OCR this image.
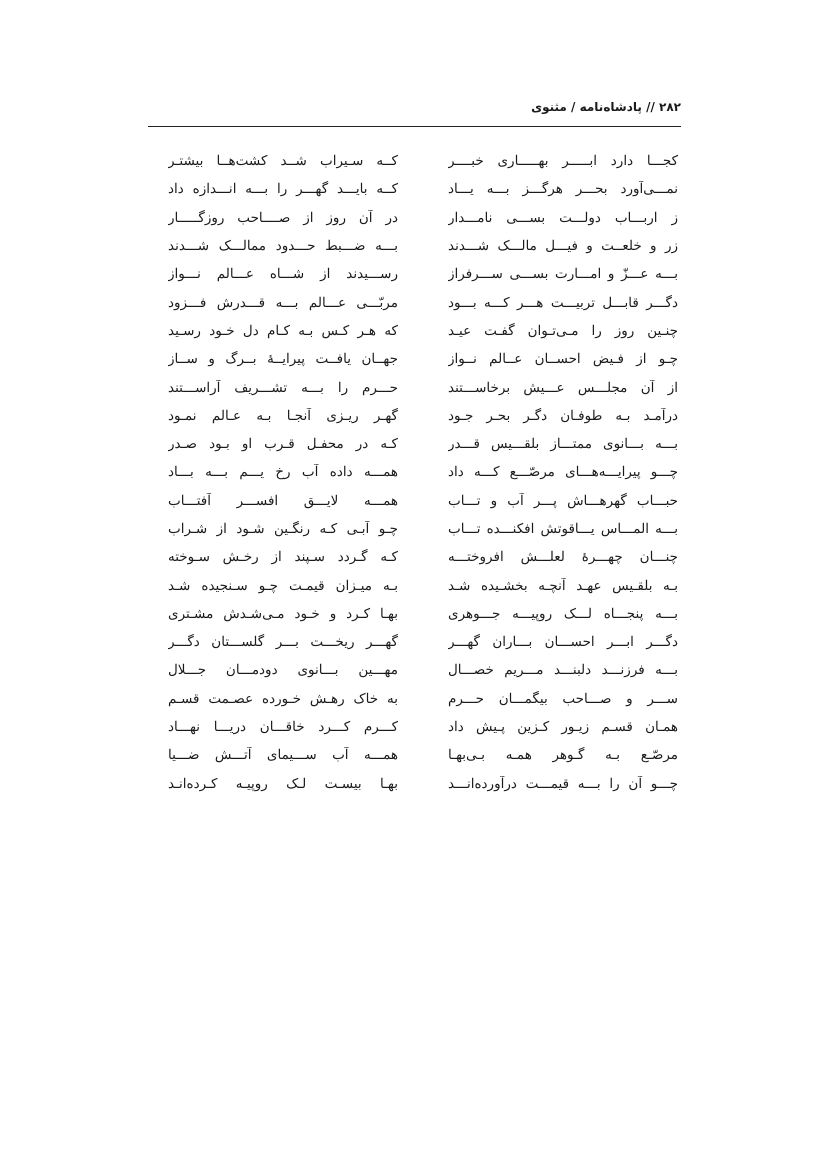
۲۸۲ // پادشاه‌نامه / مثنوی
کجـــا دارد ابـــــر بهـــــاری خبــــر
کــه سـیراب شــد کشت‌هــا بیشتـر
نمـــی‌آورد بحـــر هرگـــز بـــه یـــاد
کــه بایـــد گهـــر را بـــه انـــدازه داد
ز اربـــاب دولـــت بســـی نامـــدار
در آن روز از صــــاحب روزگـــــار
زر و خلعــت و فیـــل مالـــک شـــدند
بـــه ضـــبط حـــدود ممالـــک شـــدند
بـــه عـــزّ و امـــارت بســـی ســـرفراز
رســـیدند از شـــاه عـــالم نـــواز
دگـــر قابـــل تربیـــت هـــر کـــه بـــود
مربّـــی عـــالم بـــه قـــدرش فـــزود
چنـین روز را مـی‌تـوان گفـت عیـد
که هـر کـس بـه کـام دل خـود رسـید
چـو از فـیض احســان عــالم نــواز
جهــان یافــت پیرایــهٔ بــرگ و ســاز
از آن مجلـــس عـــیش برخاســـتند
حـــرم را بـــه تشـــریف آراســـتند
درآمـد بـه طوفـان دگـر بحـر جـود
گهـر ریـزی آنجـا بـه عـالم نمـود
بـــه بـــانوی ممتـــاز بلقـــیس قـــدر
کـه در محفـل قـرب او بـود صـدر
چـــو پیرایـــه‌هـــای مرصّـــع کـــه داد
همـــه داده آب رخ یـــم بـــه بـــاد
حبـــاب گهرهـــاش پـــر آب و تـــاب
همـــه لایـــق افســـر آفتـــاب
بـــه المـــاس یـــاقوتش افکنـــده تـــاب
چـو آبـی کـه رنگـین شـود از شـراب
چنـــان چهـــرهٔ لعلـــش افروختـــه
کـه گـردد سـپند از رخـش سـوخته
بـه بلقـیس عهـد آنچـه بخشـیده شـد
بـه میـزان قیمـت چـو سـنجیده شـد
بـــه پنجـــاه لـــک روپیـــه جـــوهری
بهـا کـرد و خـود مـی‌شـدش مشـتری
دگـــر ابـــر احســـان بـــاران گهـــر
گهـــر ریخـــت بـــر گلســـتان دگـــر
بـــه فرزنـــد دلبنـــد مـــریم خصـــال
مهـــین بـــانوی دودمـــان جـــلال
ســـر و صـــاحب بیگمـــان حـــرم
به خاک رهـش خـورده عصـمت قسـم
همـان قسـم زیـور کـزین پـیش داد
کـــرم کـــرد خاقـــان دریـــا نهـــاد
مرصّـع بـه گـوهر همـه بـی‌بهـا
همـــه آب ســـیمای آتـــش ضـــیا
چـــو آن را بـــه قیمـــت درآورده‌انـــد
بهـا بیسـت لـک روپیـه کـرده‌انـد
